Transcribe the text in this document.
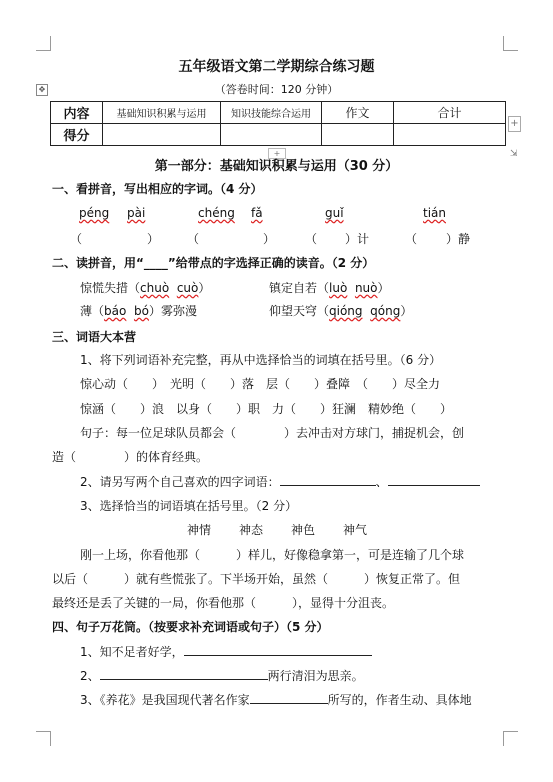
五年级语文第二学期综合练习题
（答卷时间：120 分钟）
✥
内容	基础知识积累与运用	知识技能综合运用	作文	合计
得分				
+
+	⇲
第一部分：基础知识积累与运用（30 分）
一、看拼音，写出相应的字词。（4 分）
péng pài	chéng fǎ	guǐ	tián
（	） （	） （ ）计	（ ）静
二、读拼音，用“____”给带点的字选择正确的读音。（2 分）
惊慌失措（chuò cuò）	镇定自若（luò nuò）
薄（báo bó）雾弥漫	仰望天穹（qióng qóng）
三、词语大本营
1、将下列词语补充完整，再从中选择恰当的词填在括号里。（6 分）
惊心动（　　）　光明（　　）落　层（　　）叠障　（　　）尽全力
惊涵（　　）浪　以身（　　）职　力（　　）狂澜　精妙绝（　　）
句子：每一位足球队员都会（　　　　）去冲击对方球门，捕捉机会，创
造（　　　　）的体育经典。
2、请另写两个自己喜欢的四字词语：	、
3、选择恰当的词语填在括号里。（2 分）
神情 神态 神色 神气
刚一上场，你看他那（　　　）样儿，好像稳拿第一，可是连输了几个球
以后（　　　）就有些慌张了。下半场开始，虽然（　　　）恢复正常了。但
最终还是丢了关键的一局，你看他那（　　　），显得十分沮丧。
四、句子万花筒。（按要求补充词语或句子）（5 分）
1、知不足者好学，
2、	两行清泪为思亲。
3、《养花》是我国现代著名作家	所写的，作者生动、具体地
